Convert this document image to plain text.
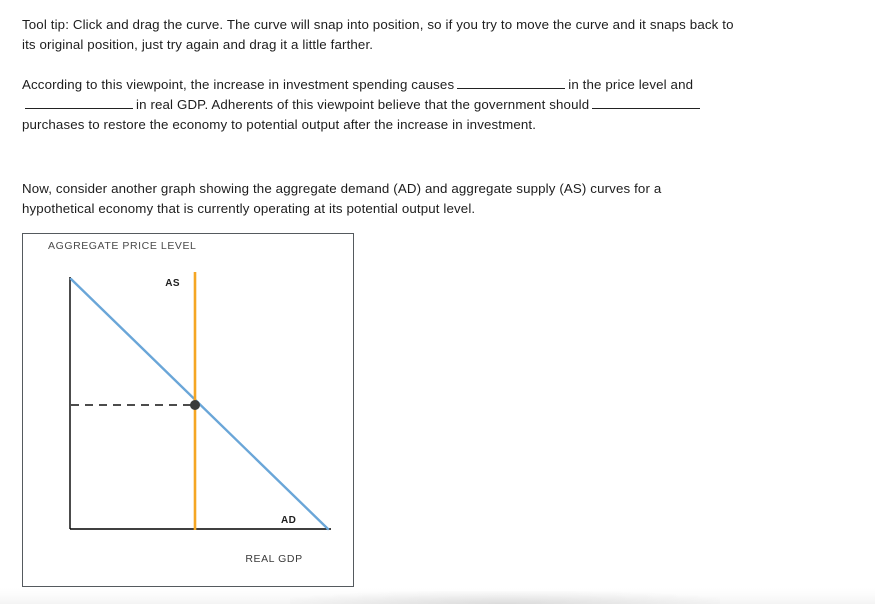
Tool tip: Click and drag the curve. The curve will snap into position, so if you try to move the curve and it snaps back to its original position, just try again and drag it a little farther.

According to this viewpoint, the increase in investment spending causes	in the price level and in real GDP. Adherents of this viewpoint believe that the government should purchases to restore the economy to potential output after the increase in investment.

Now, consider another graph showing the aggregate demand (AD) and aggregate supply (AS) curves for a hypothetical economy that is currently operating at its potential output level.

AGGREGATE PRICE LEVEL
AS
AD
REAL GDP
